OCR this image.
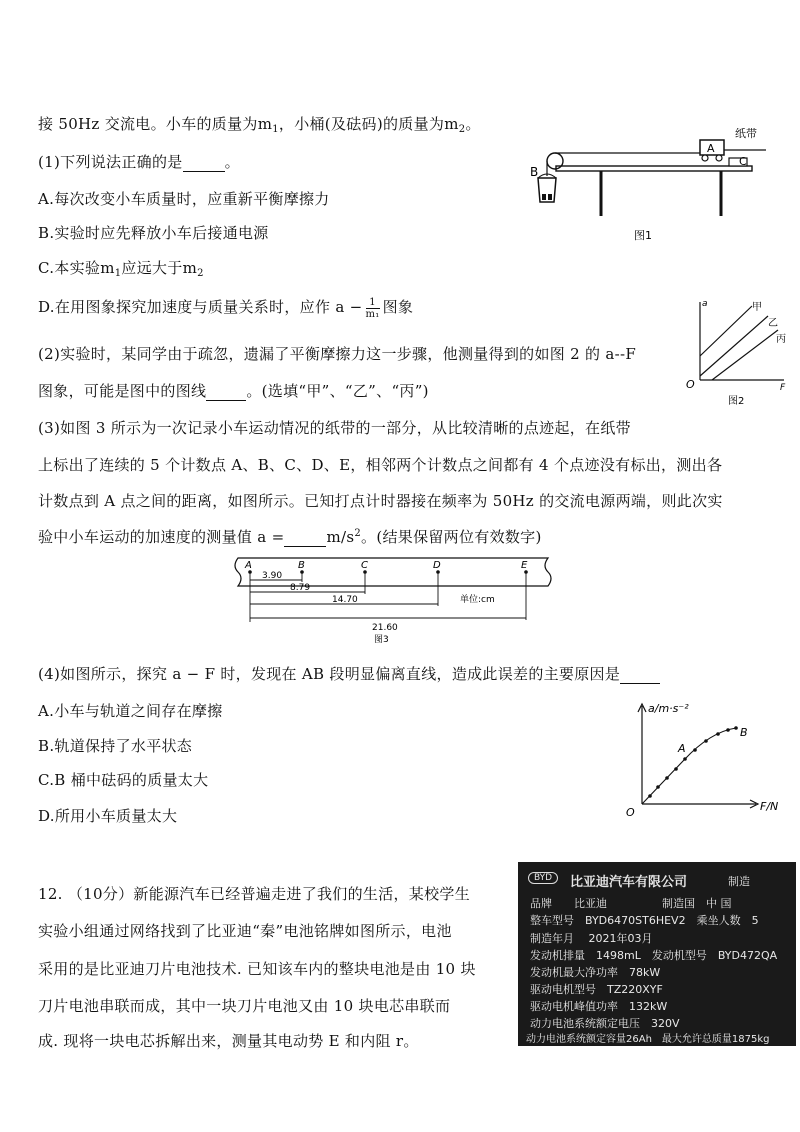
接 50Hz 交流电。小车的质量为$m_1$，小桶(及砝码)的质量为$m_2$。
(1)下列说法正确的是	。
A.每次改变小车质量时，应重新平衡摩擦力
B.实验时应先释放小车后接通电源
C.本实验$m_1$应远大于$m_2$
D.在用图象探究加速度与质量关系时，应作 $a - \frac{1}{\text{m₁}}$ 图象
(2)实验时，某同学由于疏忽，遗漏了平衡摩擦力这一步骤，他测量得到的如图 2 的 a--F
图象，可能是图中的图线	。(选填“甲”、“乙”、“丙”)
(3)如图 3 所示为一次记录小车运动情况的纸带的一部分，从比较清晰的点迹起，在纸带
上标出了连续的 5 个计数点 A、B、C、D、E，相邻两个计数点之间都有 4 个点迹没有标出，测出各
计数点到 A 点之间的距离，如图所示。已知打点计时器接在频率为 50Hz 的交流电源两端，则此次实
验中小车运动的加速度的测量值 a =	$m/s^2$。(结果保留两位有效数字)
(4)如图所示，探究 a − F 时，发现在 AB 段明显偏离直线，造成此误差的主要原因是
A.小车与轨道之间存在摩擦
B.轨道保持了水平状态
C.B 桶中砝码的质量太大
D.所用小车质量太大
12. （10分）新能源汽车已经普遍走进了我们的生活，某校学生
实验小组通过网络找到了比亚迪“秦”电池铭牌如图所示，电池
采用的是比亚迪刀片电池技术. 已知该车内的整块电池是由 10 块
刀片电池串联而成，其中一块刀片电池又由 10 块电芯串联而
成. 现将一块电芯拆解出来，测量其电动势 E 和内阻 r。
纸带
A
B
C
图1
a
F
O
甲
乙
丙
图2
A	B	C	D	E
3.90
8.79
14.70
21.60
单位:cm
图3
a/m·s⁻²
F/N
O
A
B
BYD	比亚迪汽车有限公司	制造
品牌　　比亚迪　　　　　制造国　中 国
整车型号　BYD6470ST6HEV2　乘坐人数　5
制造年月　 2021年03月
发动机排量　1498mL　发动机型号　BYD472QA
发动机最大净功率　78kW
驱动电机型号　TZ220XYF
驱动电机峰值功率　132kW
动力电池系统额定电压　320V
动力电池系统额定容量26Ah　最大允许总质量1875kg
